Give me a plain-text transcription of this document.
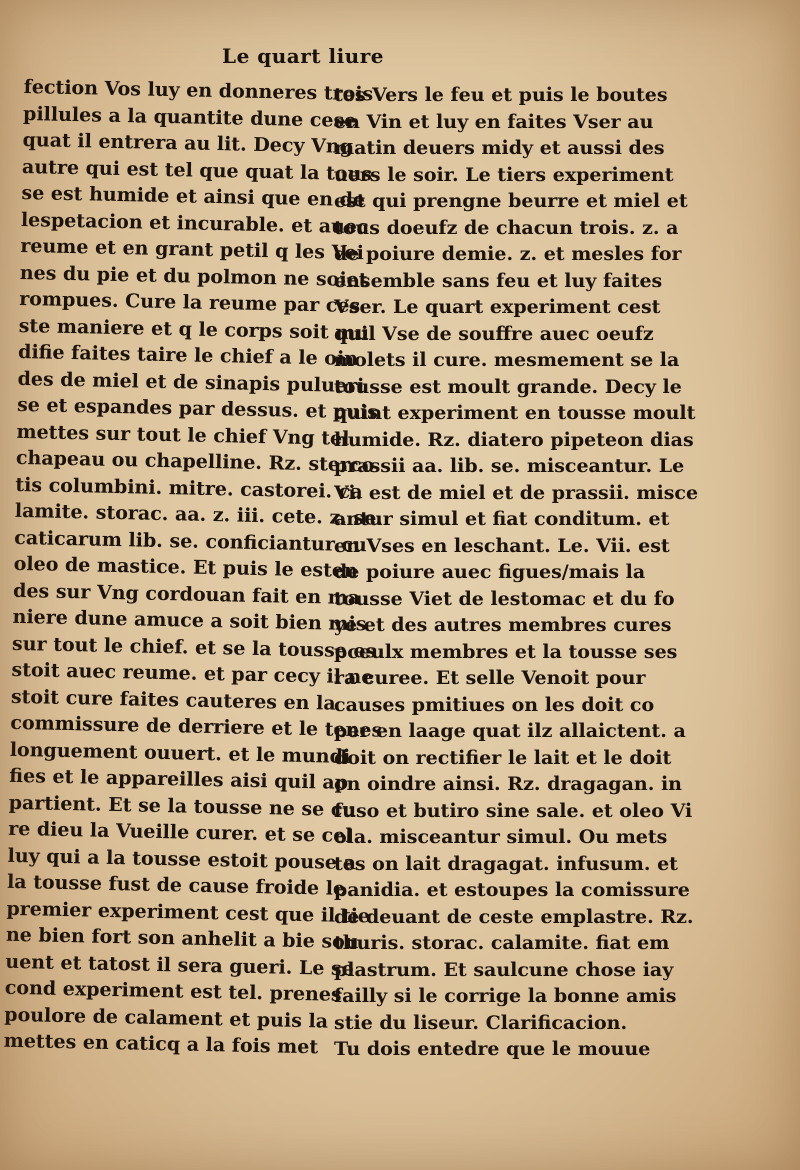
Le quart liure
fection Vos luy en donneres trois
pillules a la quantite dune cese
quat il entrera au lit. Decy Vng
autre qui est tel que quat la tous
se est humide et ainsi que en de
lespetacion et incurable. et auec
reume et en grant petil q les Vei
nes du pie et du polmon ne soiet
rompues. Cure la reume par ces
ste maniere et q le corps soit mu
difie faites taire le chief a le oin
des de miel et de sinapis pulueri
se et espandes par dessus. et puis
mettes sur tout le chief Vng tel
chapeau ou chapelline. Rz. sterco
tis columbini. mitre. castorei. ca
lamite. storac. aa. z. iii. cete. z. se.
caticarum lib. se. conficiantur cu
oleo de mastice. Et puis le esten
des sur Vng cordouan fait en ma
niere dune amuce a soit bien mis
sur tout le chief. et se la tousse es
stoit auec reume. et par cecy il ne
stoit cure faites cauteres en la
commissure de derriere et le tenes
longuement ouuert. et le mundi
fies et le appareilles aisi quil ap
partient. Et se la tousse ne se cu
re dieu la Vueille curer. et se cel
luy qui a la tousse estoit pouse a
la tousse fust de cause froide le
premier experiment cest que il tie
ne bien fort son anhelit a bie sou
uent et tatost il sera gueri. Le se
cond experiment est tel. prenes
poulore de calament et puis la
mettes en caticq a la fois met
tes Vers le feu et puis le boutes
en Vin et luy en faites Vser au
matin deuers midy et aussi des
uers le soir. Le tiers experiment
est qui prengne beurre et miel et
tous doeufz de chacun trois. z. a
de poiure demie. z. et mesles for
ensemble sans feu et luy faites
Vser. Le quart experiment cest
quil Vse de souffre auec oeufz
molets il cure. mesmement se la
tousse est moult grande. Decy le
quint experiment en tousse moult
humide. Rz. diatero pipeteon dias
prassii aa. lib. se. misceantur. Le
Vi. est de miel et de prassii. misce
antur simul et fiat conditum. et
en Vses en leschant. Le. Vii. est
de poiure auec figues/mais la
tousse Viet de lestomac et du fo
ye et des autres membres cures
pceulx membres et la tousse ses
ra curee. Et selle Venoit pour
causes pmitiues on les doit co
per en laage quat ilz allaictent. a
doit on rectifier le lait et le doit
on oindre ainsi. Rz. dragagan. in
fuso et butiro sine sale. et oleo Vi
ola. misceantur simul. Ou mets
tes on lait dragagat. infusum. et
panidia. et estoupes la comissure
de deuant de ceste emplastre. Rz.
thuris. storac. calamite. fiat em
plastrum. Et saulcune chose iay
failly si le corrige la bonne amis
stie du liseur. Clarificacion.
Tu dois entedre que le mouue
